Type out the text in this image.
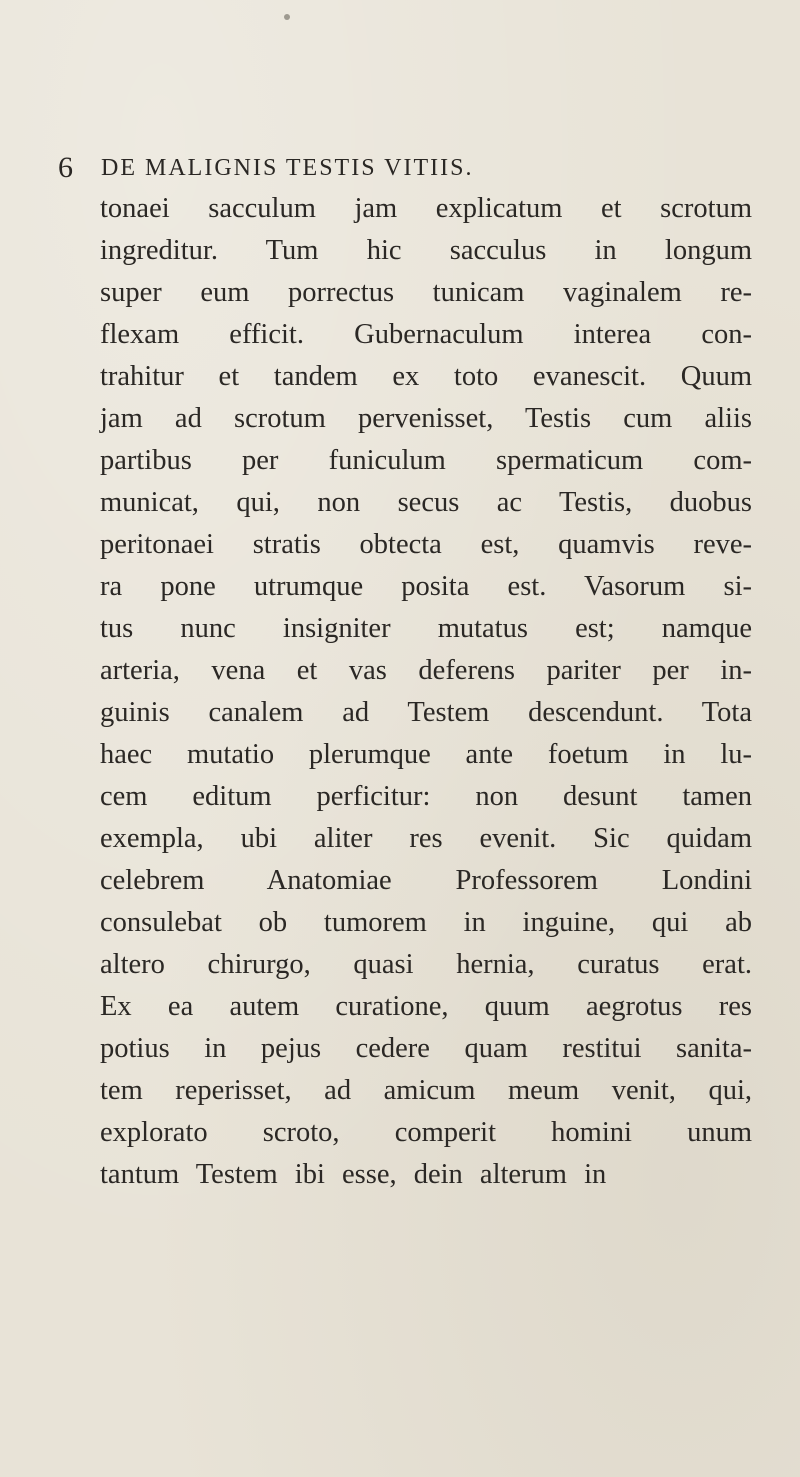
6 DE MALIGNIS TESTIS VITIIS.
tonaei sacculum jam explicatum et scrotum
ingreditur. Tum hic sacculus in longum
super eum porrectus tunicam vaginalem re-
flexam efficit. Gubernaculum interea con-
trahitur et tandem ex toto evanescit. Quum
jam ad scrotum pervenisset, Testis cum aliis
partibus per funiculum spermaticum com-
municat, qui, non secus ac Testis, duobus
peritonaei stratis obtecta est, quamvis reve-
ra pone utrumque posita est. Vasorum si-
tus nunc insigniter mutatus est; namque
arteria, vena et vas deferens pariter per in-
guinis canalem ad Testem descendunt. Tota
haec mutatio plerumque ante foetum in lu-
cem editum perficitur: non desunt tamen
exempla, ubi aliter res evenit. Sic quidam
celebrem Anatomiae Professorem Londini
consulebat ob tumorem in inguine, qui ab
altero chirurgo, quasi hernia, curatus erat.
Ex ea autem curatione, quum aegrotus res
potius in pejus cedere quam restitui sanita-
tem reperisset, ad amicum meum venit, qui,
explorato scroto, comperit homini unum
tantum Testem ibi esse, dein alterum in
